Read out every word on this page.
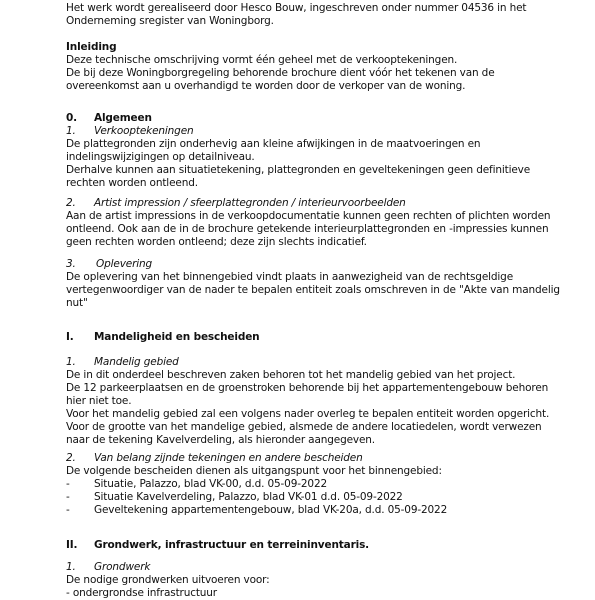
Het werk wordt gerealiseerd door Hesco Bouw, ingeschreven onder nummer 04536 in het
Onderneming sregister van Woningborg.
Inleiding
Deze technische omschrijving vormt één geheel met de verkooptekeningen.
De bij deze Woningborgregeling behorende brochure dient vóór het tekenen van de
overeenkomst aan u overhandigd te worden door de verkoper van de woning.
0. Algemeen
1. Verkooptekeningen
De plattegronden zijn onderhevig aan kleine afwijkingen in de maatvoeringen en
indelingswijzigingen op detailniveau.
Derhalve kunnen aan situatietekening, plattegronden en geveltekeningen geen definitieve
rechten worden ontleend.
2. Artist impression / sfeerplattegronden / interieurvoorbeelden
Aan de artist impressions in de verkoopdocumentatie kunnen geen rechten of plichten worden
ontleend. Ook aan de in de brochure getekende interieurplattegronden en -impressies kunnen
geen rechten worden ontleend; deze zijn slechts indicatief.
3. Oplevering
De oplevering van het binnengebied vindt plaats in aanwezigheid van de rechtsgeldige
vertegenwoordiger van de nader te bepalen entiteit zoals omschreven in de "Akte van mandelig
nut"
I. Mandeligheid en bescheiden
1. Mandelig gebied
De in dit onderdeel beschreven zaken behoren tot het mandelig gebied van het project.
De 12 parkeerplaatsen en de groenstroken behorende bij het appartementengebouw behoren
hier niet toe.
Voor het mandelig gebied zal een volgens nader overleg te bepalen entiteit worden opgericht.
Voor de grootte van het mandelige gebied, alsmede de andere locatiedelen, wordt verwezen
naar de tekening Kavelverdeling, als hieronder aangegeven.
2. Van belang zijnde tekeningen en andere bescheiden
De volgende bescheiden dienen als uitgangspunt voor het binnengebied:
- Situatie, Palazzo, blad VK-00, d.d. 05-09-2022
- Situatie Kavelverdeling, Palazzo, blad VK-01 d.d. 05-09-2022
- Geveltekening appartementengebouw, blad VK-20a, d.d. 05-09-2022
II. Grondwerk, infrastructuur en terreininventaris.
1. Grondwerk
De nodige grondwerken uitvoeren voor:
- ondergrondse infrastructuur
